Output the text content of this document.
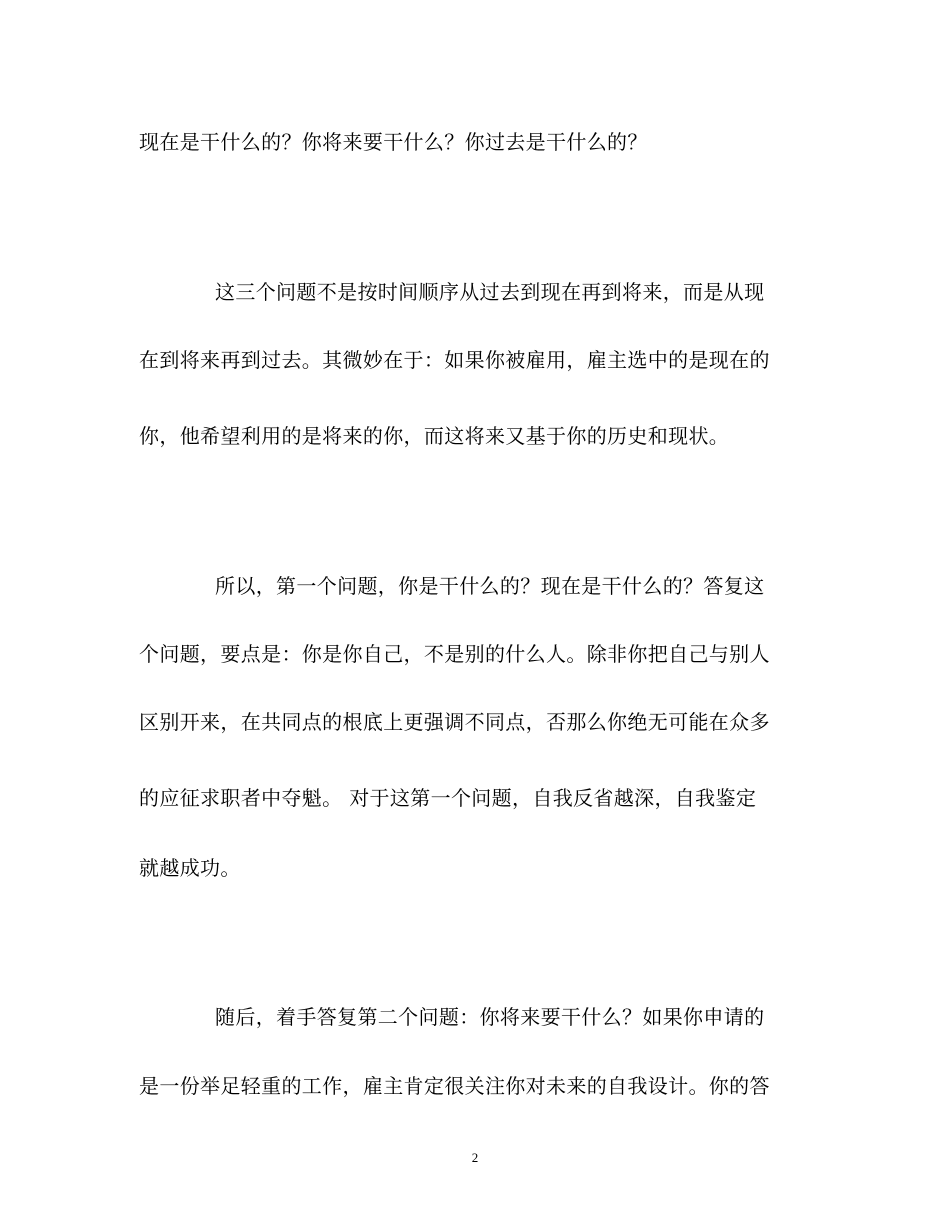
现在是干什么的？你将来要干什么？你过去是干什么的？
这三个问题不是按时间顺序从过去到现在再到将来，而是从现
在到将来再到过去。其微妙在于：如果你被雇用，雇主选中的是现在的
你，他希望利用的是将来的你，而这将来又基于你的历史和现状。
所以，第一个问题，你是干什么的？现在是干什么的？答复这
个问题，要点是：你是你自己，不是别的什么人。除非你把自己与别人
区别开来，在共同点的根底上更强调不同点，否那么你绝无可能在众多
的应征求职者中夺魁。 对于这第一个问题，自我反省越深，自我鉴定
就越成功。
随后，着手答复第二个问题：你将来要干什么？如果你申请的
是一份举足轻重的工作，雇主肯定很关注你对未来的自我设计。你的答
2
